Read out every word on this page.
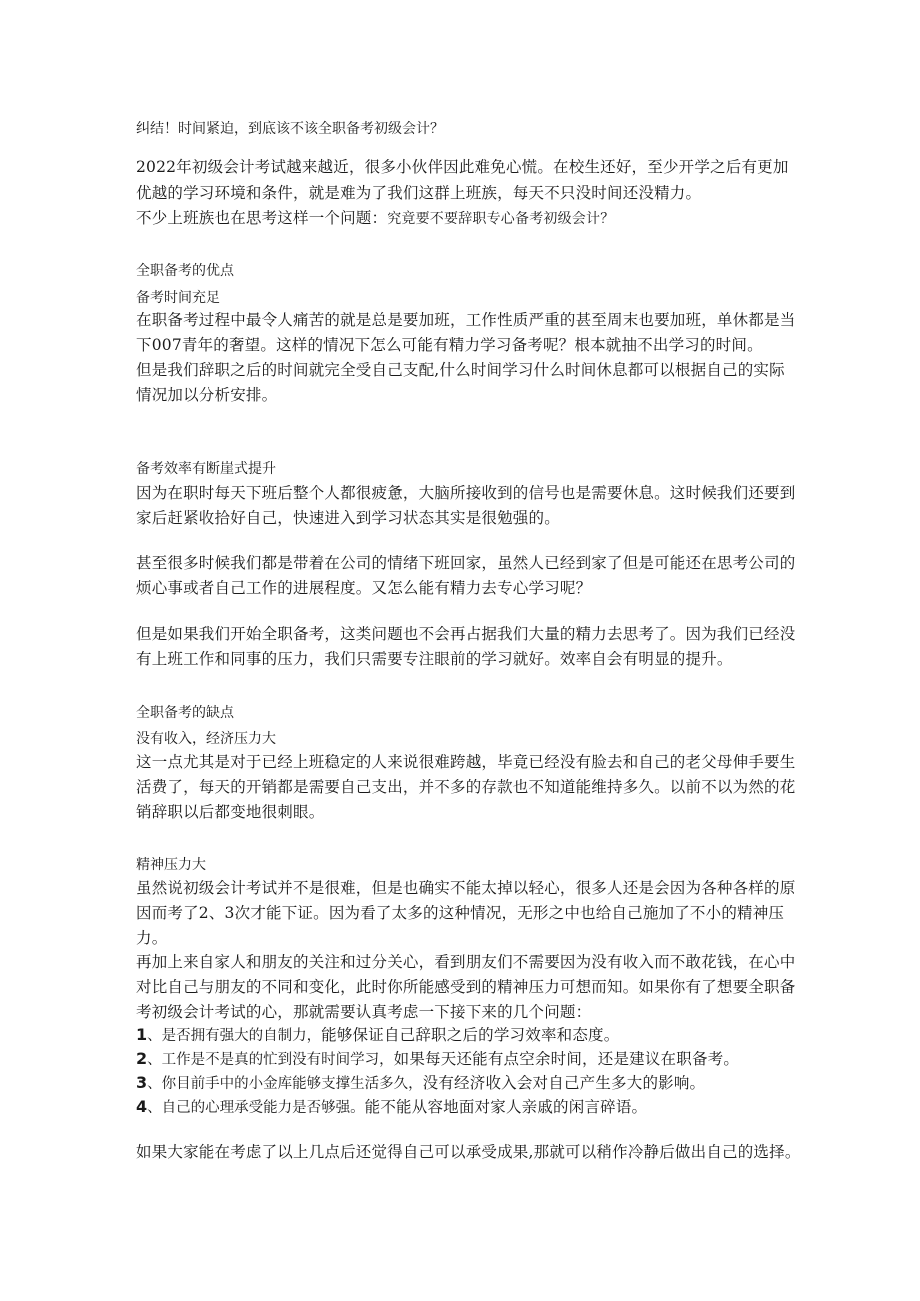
纠结！时间紧迫，到底该不该全职备考初级会计？
2022年初级会计考试越来越近，很多小伙伴因此难免心慌。在校生还好，至少开学之后有更加
优越的学习环境和条件，就是难为了我们这群上班族，每天不只没时间还没精力。
不少上班族也在思考这样一个问题：究竟要不要辞职专心备考初级会计？
全职备考的优点
备考时间充足
在职备考过程中最令人痛苦的就是总是要加班，工作性质严重的甚至周末也要加班，单休都是当
下007青年的奢望。这样的情况下怎么可能有精力学习备考呢？根本就抽不出学习的时间。
但是我们辞职之后的时间就完全受自己支配,什么时间学习什么时间休息都可以根据自己的实际
情况加以分析安排。
备考效率有断崖式提升
因为在职时每天下班后整个人都很疲惫，大脑所接收到的信号也是需要休息。这时候我们还要到
家后赶紧收拾好自己，快速进入到学习状态其实是很勉强的。
甚至很多时候我们都是带着在公司的情绪下班回家，虽然人已经到家了但是可能还在思考公司的
烦心事或者自己工作的进展程度。又怎么能有精力去专心学习呢？
但是如果我们开始全职备考，这类问题也不会再占据我们大量的精力去思考了。因为我们已经没
有上班工作和同事的压力，我们只需要专注眼前的学习就好。效率自会有明显的提升。
全职备考的缺点
没有收入，经济压力大
这一点尤其是对于已经上班稳定的人来说很难跨越，毕竟已经没有脸去和自己的老父母伸手要生
活费了，每天的开销都是需要自己支出，并不多的存款也不知道能维持多久。以前不以为然的花
销辞职以后都变地很刺眼。
精神压力大
虽然说初级会计考试并不是很难，但是也确实不能太掉以轻心，很多人还是会因为各种各样的原
因而考了2、3次才能下证。因为看了太多的这种情况，无形之中也给自己施加了不小的精神压
力。
再加上来自家人和朋友的关注和过分关心，看到朋友们不需要因为没有收入而不敢花钱，在心中
对比自己与朋友的不同和变化，此时你所能感受到的精神压力可想而知。如果你有了想要全职备
考初级会计考试的心，那就需要认真考虑一下接下来的几个问题：
1、是否拥有强大的自制力，能够保证自己辞职之后的学习效率和态度。
2、工作是不是真的忙到没有时间学习，如果每天还能有点空余时间，还是建议在职备考。
3、你目前手中的小金库能够支撑生活多久，没有经济收入会对自己产生多大的影响。
4、自己的心理承受能力是否够强。能不能从容地面对家人亲戚的闲言碎语。
如果大家能在考虑了以上几点后还觉得自己可以承受成果,那就可以稍作冷静后做出自己的选择。
